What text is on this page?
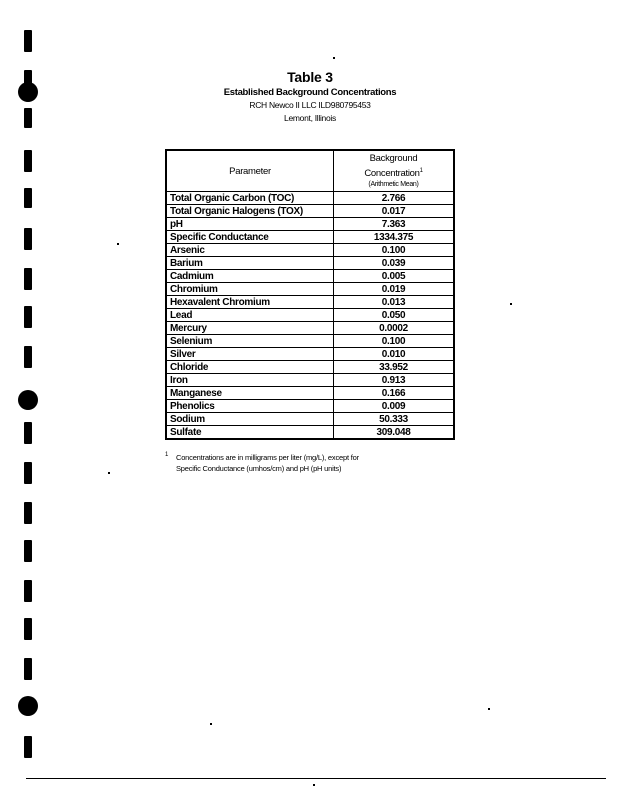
Table 3
Established Background Concentrations
RCH Newco II LLC ILD980795453
Lemont, Illinois
Parameter	Background
Concentration$^1$
(Arithmetic Mean)

Total Organic Carbon (TOC)	2.766
Total Organic Halogens (TOX)	0.017
pH	7.363
Specific Conductance	1334.375
Arsenic	0.100
Barium	0.039
Cadmium	0.005
Chromium	0.019
Hexavalent Chromium	0.013
Lead	0.050
Mercury	0.0002
Selenium	0.100
Silver	0.010
Chloride	33.952
Iron	0.913
Manganese	0.166
Phenolics	0.009
Sodium	50.333
Sulfate	309.048
1 Concentrations are in milligrams per liter (mg/L), except for
Specific Conductance (umhos/cm) and pH (pH units)
